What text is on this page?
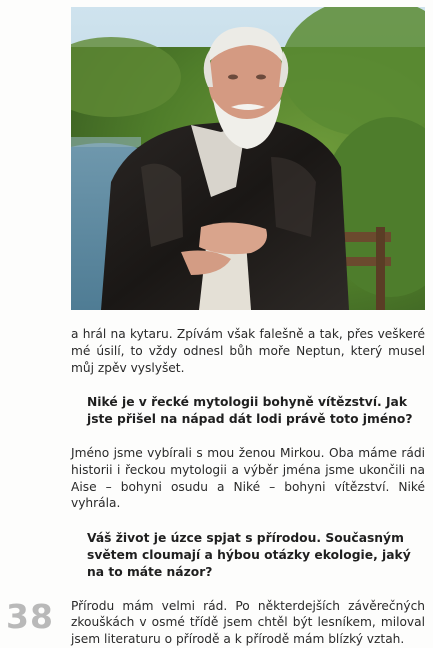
a hrál na kytaru. Zpívám však falešně a tak, přes veškeré mé úsilí, to vždy odnesl bůh moře Neptun, který musel můj zpěv vyslyšet.

Niké je v řecké mytologii bohyně vítězství. Jak jste přišel na nápad dát lodi právě toto jméno?

Jméno jsme vybírali s mou ženou Mirkou. Oba máme rádi historii i řeckou mytologii a výběr jména jsme ukončili na Aise – bohyni osudu a Niké – bohyni vítězství. Niké vyhrála.

Váš život je úzce spjat s přírodou. Současným světem cloumají a hýbou otázky ekologie, jaký na to máte názor?

Přírodu mám velmi rád. Po některdejších závěrečných zkouškách v osmé třídě jsem chtěl být lesníkem, miloval jsem literaturu o přírodě a k přírodě mám blízký vztah.

38
